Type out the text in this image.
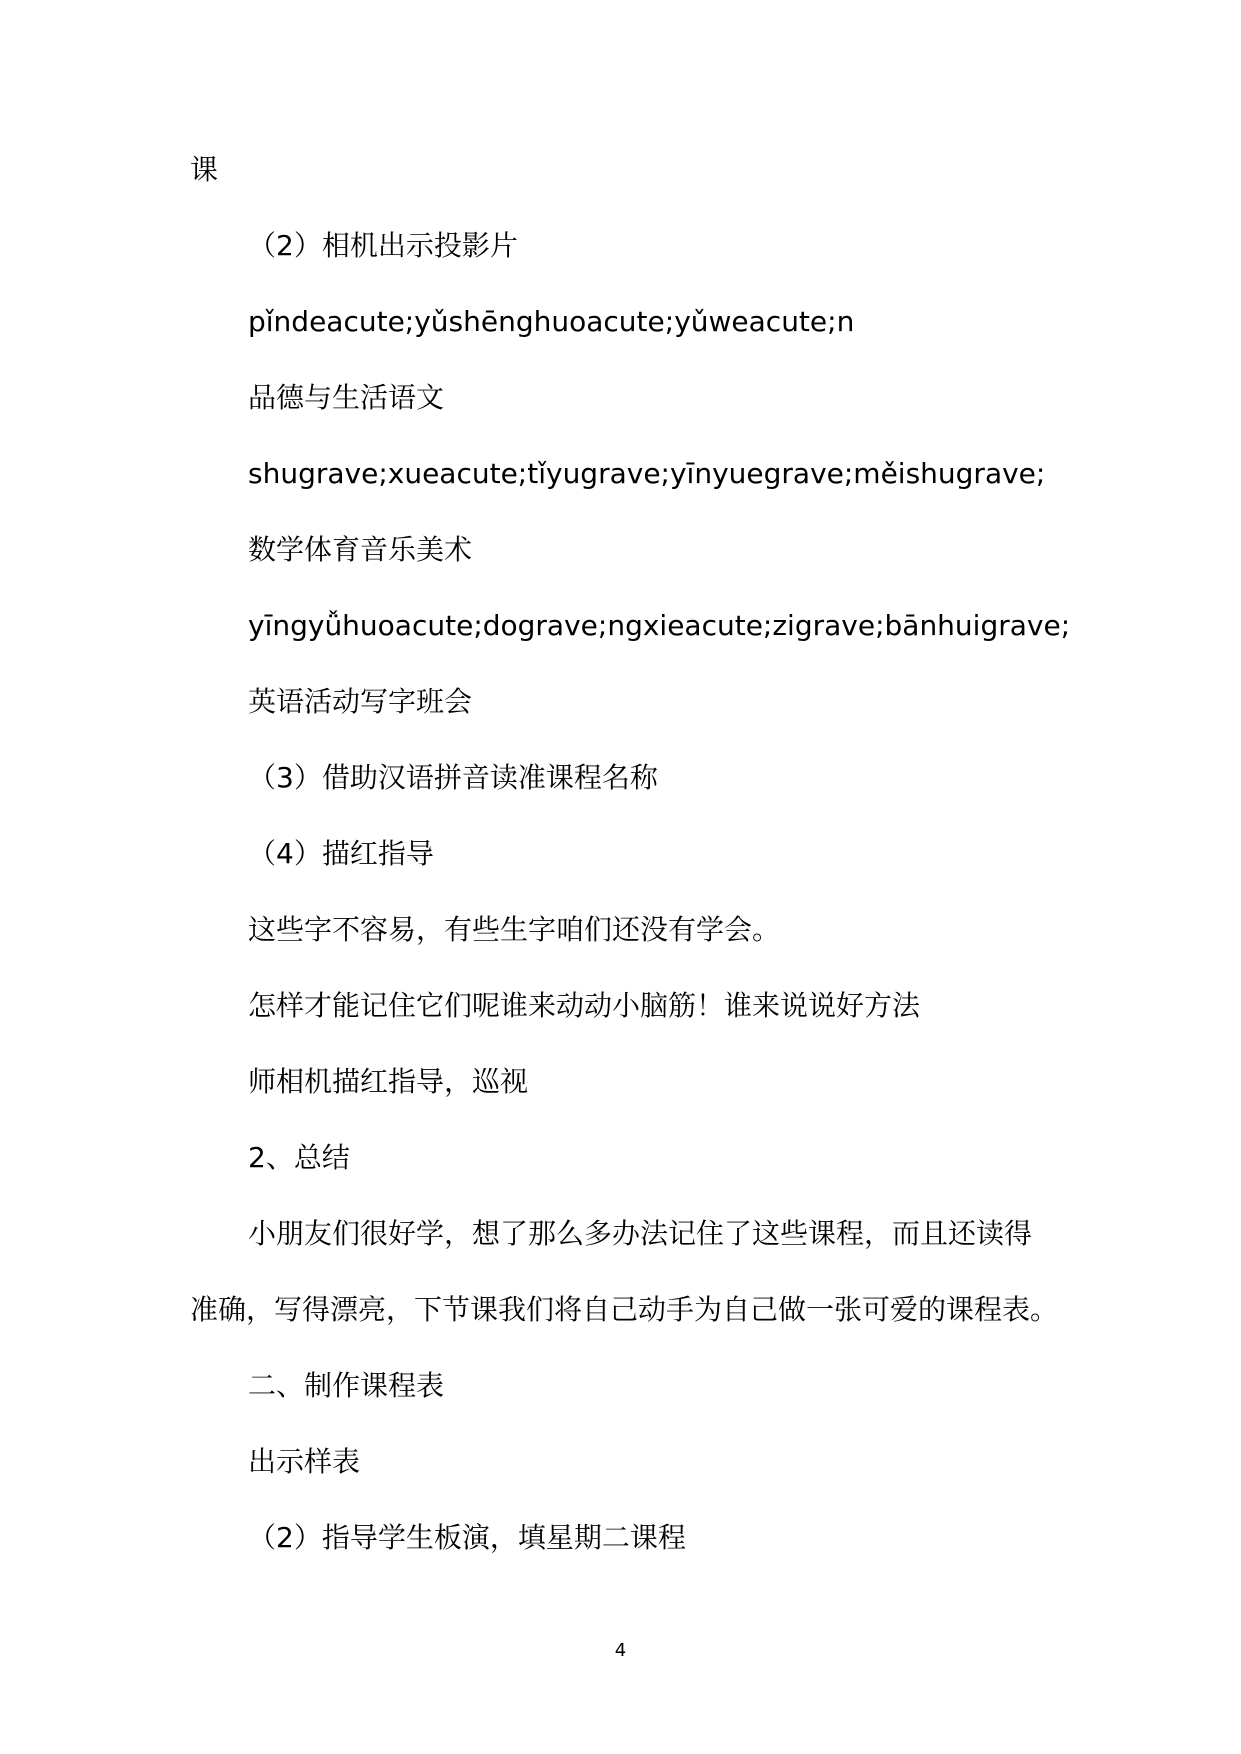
课
（2）相机出示投影片
pǐndeacute;yǔshēnghuoacute;yǔweacute;n
品德与生活语文
shugrave;xueacute;tǐyugrave;yīnyuegrave;měishugrave;
数学体育音乐美术
yīngyǚhuoacute;dograve;ngxieacute;zigrave;bānhuigrave;
英语活动写字班会
（3）借助汉语拼音读准课程名称
（4）描红指导
这些字不容易，有些生字咱们还没有学会。
怎样才能记住它们呢谁来动动小脑筋！谁来说说好方法
师相机描红指导，巡视
2、总结
小朋友们很好学，想了那么多办法记住了这些课程，而且还读得
准确，写得漂亮，下节课我们将自己动手为自己做一张可爱的课程表。
二、制作课程表
出示样表
（2）指导学生板演，填星期二课程
4
